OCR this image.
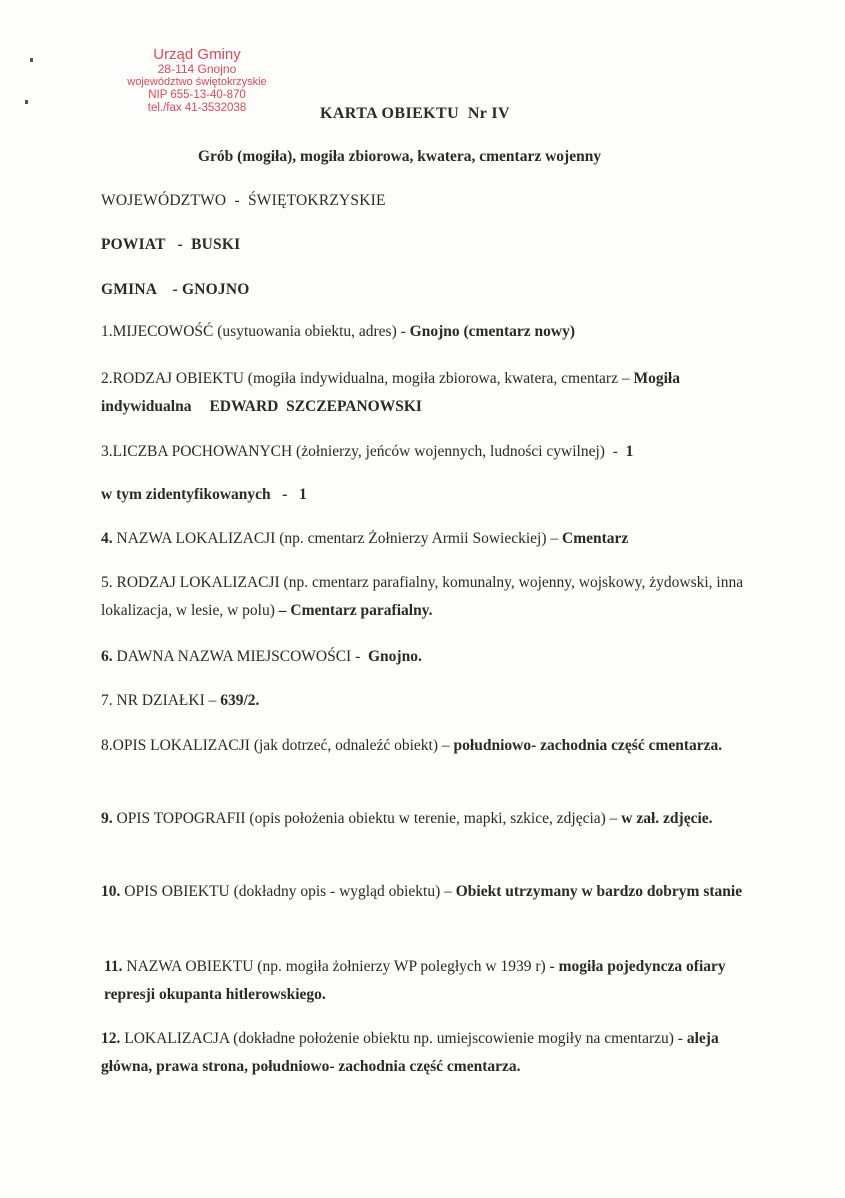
Urząd Gminy
28-114 Gnojno
województwo świętokrzyskie
NIP 655-13-40-870
tel./fax 41-3532038	KARTA OBIEKTU  Nr IV
Grób (mogiła), mogiła zbiorowa, kwatera, cmentarz wojenny
WOJEWÓDZTWO  -  ŚWIĘTOKRZYSKIE
POWIAT   -  BUSKI
GMINA    - GNOJNO
1.MIJECOWOŚĆ (usytuowania obiektu, adres) - Gnojno (cmentarz nowy)
2.RODZAJ OBIEKTU (mogiła indywidualna, mogiła zbiorowa, kwatera, cmentarz – Mogiła indywidualna EDWARD  SZCZEPANOWSKI
3.LICZBA POCHOWANYCH (żołnierzy, jeńców wojennych, ludności cywilnej)  -  1
w tym zidentyfikowanych   -   1
4. NAZWA LOKALIZACJI (np. cmentarz Żołnierzy Armii Sowieckiej) – Cmentarz
5. RODZAJ LOKALIZACJI (np. cmentarz parafialny, komunalny, wojenny, wojskowy, żydowski, inna lokalizacja, w lesie, w polu) – Cmentarz parafialny.
6. DAWNA NAZWA MIEJSCOWOŚCI -  Gnojno.
7. NR DZIAŁKI – 639/2.
8.OPIS LOKALIZACJI (jak dotrzeć, odnaleźć obiekt) – południowo- zachodnia część cmentarza.
9. OPIS TOPOGRAFII (opis położenia obiektu w terenie, mapki, szkice, zdjęcia) – w zał. zdjęcie.
10. OPIS OBIEKTU (dokładny opis - wygląd obiektu) – Obiekt utrzymany w bardzo dobrym stanie
11. NAZWA OBIEKTU (np. mogiła żołnierzy WP poległych w 1939 r) - mogiła pojedyncza ofiary represji okupanta hitlerowskiego.
12. LOKALIZACJA (dokładne położenie obiektu np. umiejscowienie mogiły na cmentarzu) - aleja główna, prawa strona, południowo- zachodnia część cmentarza.
